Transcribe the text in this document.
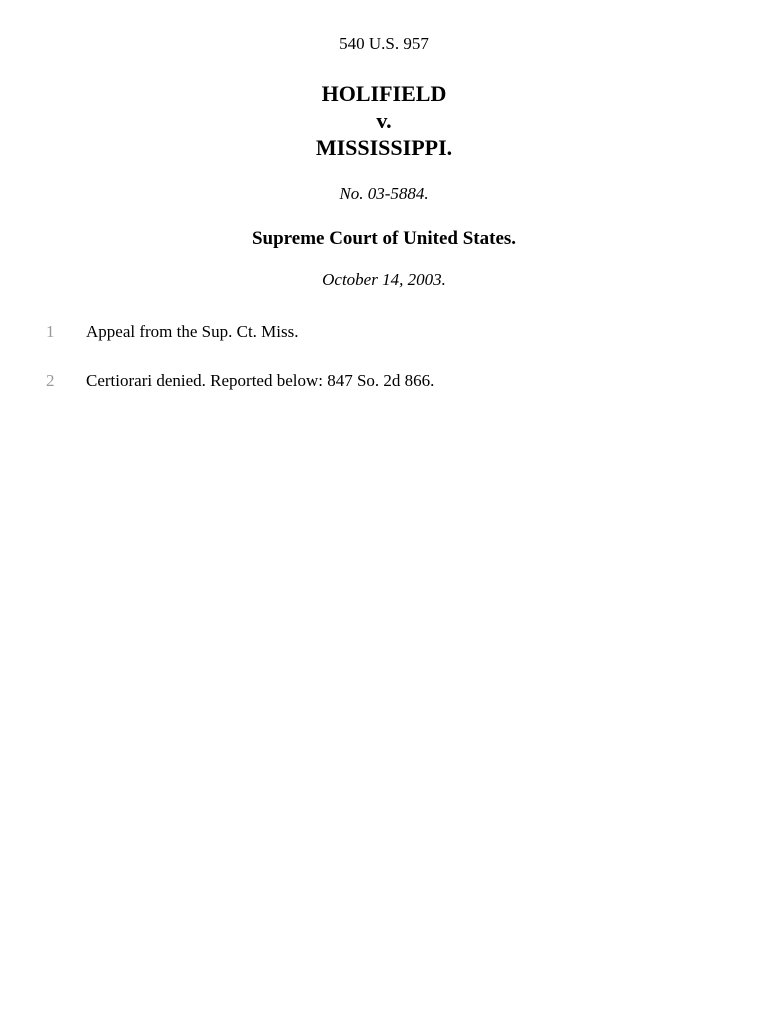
540 U.S. 957
HOLIFIELD
v.
MISSISSIPPI.
No. 03-5884.
Supreme Court of United States.
October 14, 2003.
1 Appeal from the Sup. Ct. Miss.
2 Certiorari denied. Reported below: 847 So. 2d 866.
